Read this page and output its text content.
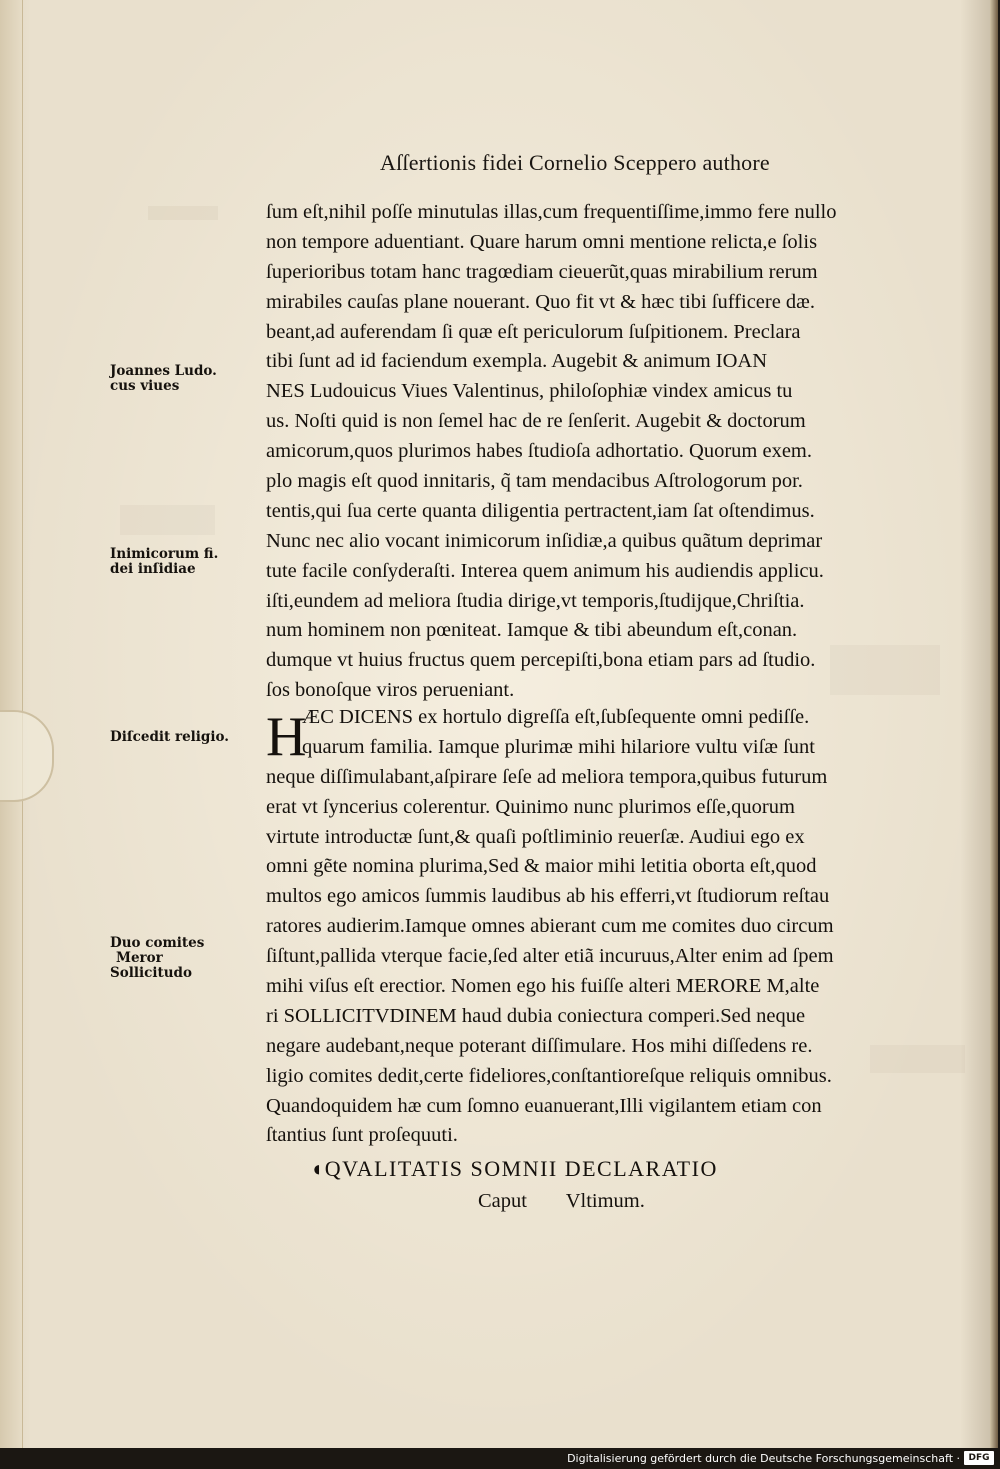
Aſſertionis fidei Cornelio Sceppero authore
ſum eſt,nihil poſſe minutulas illas,cum frequentiſſime,immo fere nullo
non tempore aduentiant. Quare harum omni mentione relicta,e ſolis
ſuperioribus totam hanc tragœdiam cieuerũt,quas mirabilium rerum
mirabiles cauſas plane nouerant. Quo fit vt & hæc tibi ſufficere dæ.
beant,ad auferendam ſi quæ eſt periculorum ſuſpitionem. Preclara
tibi ſunt ad id faciendum exempla. Augebit & animum IOAN
NES Ludouicus Viues Valentinus, philoſophiæ vindex amicus tu
us. Noſti quid is non ſemel hac de re ſenſerit. Augebit & doctorum
amicorum,quos plurimos habes ſtudioſa adhortatio. Quorum exem.
plo magis eſt quod innitaris, q̃ tam mendacibus Aſtrologorum por.
tentis,qui ſua certe quanta diligentia pertractent,iam ſat oſtendimus.
Nunc nec alio vocant inimicorum inſidiæ,a quibus quãtum deprimar
tute facile conſyderaſti. Interea quem animum his audiendis applicu.
iſti,eundem ad meliora ſtudia dirige,vt temporis,ſtudĳque,Chriſtia.
num hominem non pœniteat. Iamque & tibi abeundum eſt,conan.
dumque vt huius fructus quem percepiſti,bona etiam pars ad ſtudio.
ſos bonoſque viros perueniant.
H
ÆC DICENS ex hortulo digreſſa eſt,ſubſequente omni pediſſe.
quarum familia. Iamque plurimæ mihi hilariore vultu viſæ ſunt
neque diſſimulabant,aſpirare ſeſe ad meliora tempora,quibus futurum
erat vt ſyncerius colerentur. Quinimo nunc plurimos eſſe,quorum
virtute introductæ ſunt,& quaſi poſtliminio reuerſæ. Audiui ego ex
omni gẽte nomina plurima,Sed & maior mihi letitia oborta eſt,quod
multos ego amicos ſummis laudibus ab his efferri,vt ſtudiorum reſtau
ratores audierim.Iamque omnes abierant cum me comites duo circum
ſiſtunt,pallida vterque facie,ſed alter etiã incuruus,Alter enim ad ſpem
mihi viſus eſt erectior. Nomen ego his fuiſſe alteri MERORE M,alte
ri SOLLICITVDINEM haud dubia coniectura comperi.Sed neque
negare audebant,neque poterant diſſimulare. Hos mihi diſſedens re.
ligio comites dedit,certe fideliores,conſtantioreſque reliquis omnibus.
Quandoquidem hæ cum ſomno euanuerant,Illi vigilantem etiam con
ſtantius ſunt proſequuti.
◖QVALITATIS SOMNII DECLARATIO
Caput Vltimum.
Joannes Ludo.
cus viues
Inimicorum fi.
dei inſidiae
Diſcedit religio.
Duo comites
Meror
Sollicitudo
Digitalisierung gefördert durch die Deutsche Forschungsgemeinschaft · DFG
